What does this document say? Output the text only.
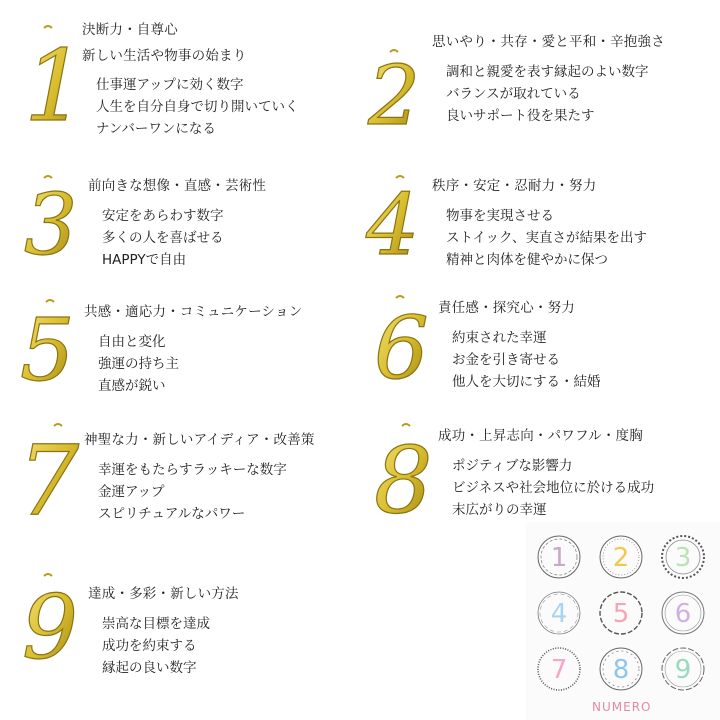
1
決断力・自尊心
新しい生活や物事の始まり
仕事運アップに効く数字
人生を自分自身で切り開いていく
ナンバーワンになる	2
思いやり・共存・愛と平和・辛抱強さ
調和と親愛を表す縁起のよい数字
バランスが取れている
良いサポート役を果たす
3 前向きな想像・直感・芸術性
安定をあらわす数字
多くの人を喜ばせる
HAPPYで自由	4 秩序・安定・忍耐力・努力
物事を実現させる
ストイック、実直さが結果を出す
精神と肉体を健やかに保つ
5 共感・適応力・コミュニケーション
自由と変化
強運の持ち主
直感が鋭い	6 責任感・探究心・努力
約束された幸運
お金を引き寄せる
他人を大切にする・結婚
7 神聖な力・新しいアイディア・改善策
幸運をもたらすラッキーな数字
金運アップ
スピリチュアルなパワー	8 成功・上昇志向・パワフル・度胸
ポジティブな影響力
ビジネスや社会地位に於ける成功
末広がりの幸運
9 達成・多彩・新しい方法
崇高な目標を達成
成功を約束する
縁起の良い数字
1 2 3
4 5 6
7 8 9
NUMERO
